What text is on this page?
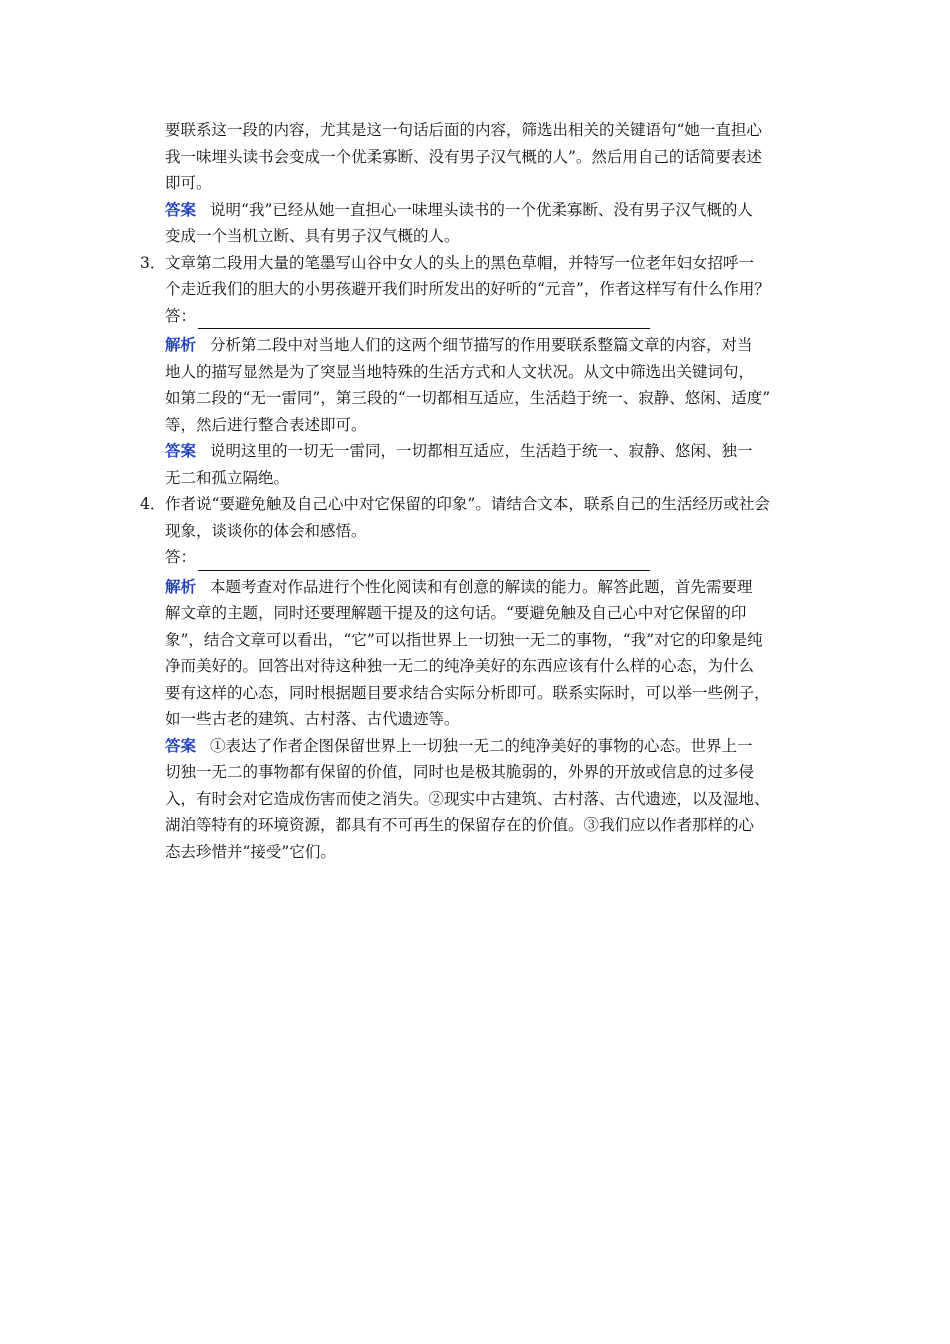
要联系这一段的内容，尤其是这一句话后面的内容，筛选出相关的关键语句“她一直担心
我一味埋头读书会变成一个优柔寡断、没有男子汉气概的人”。然后用自己的话简要表述
即可。
答案 说明“我”已经从她一直担心一味埋头读书的一个优柔寡断、没有男子汉气概的人
变成一个当机立断、具有男子汉气概的人。
3． 文章第二段用大量的笔墨写山谷中女人的头上的黑色草帽，并特写一位老年妇女招呼一
个走近我们的胆大的小男孩避开我们时所发出的好听的“元音”，作者这样写有什么作用？
答：
解析 分析第二段中对当地人们的这两个细节描写的作用要联系整篇文章的内容，对当
地人的描写显然是为了突显当地特殊的生活方式和人文状况。从文中筛选出关键词句，
如第二段的“无一雷同”，第三段的“一切都相互适应，生活趋于统一、寂静、悠闲、适度”
等，然后进行整合表述即可。
答案 说明这里的一切无一雷同，一切都相互适应，生活趋于统一、寂静、悠闲、独一
无二和孤立隔绝。
4． 作者说“要避免触及自己心中对它保留的印象”。请结合文本，联系自己的生活经历或社会
现象，谈谈你的体会和感悟。
答：
解析 本题考查对作品进行个性化阅读和有创意的解读的能力。解答此题，首先需要理
解文章的主题，同时还要理解题干提及的这句话。“要避免触及自己心中对它保留的印
象”，结合文章可以看出，“它”可以指世界上一切独一无二的事物，“我”对它的印象是纯
净而美好的。回答出对待这种独一无二的纯净美好的东西应该有什么样的心态，为什么
要有这样的心态，同时根据题目要求结合实际分析即可。联系实际时，可以举一些例子，
如一些古老的建筑、古村落、古代遗迹等。
答案 ①表达了作者企图保留世界上一切独一无二的纯净美好的事物的心态。世界上一
切独一无二的事物都有保留的价值，同时也是极其脆弱的，外界的开放或信息的过多侵
入，有时会对它造成伤害而使之消失。②现实中古建筑、古村落、古代遗迹，以及湿地、
湖泊等特有的环境资源，都具有不可再生的保留存在的价值。③我们应以作者那样的心
态去珍惜并“接受”它们。
